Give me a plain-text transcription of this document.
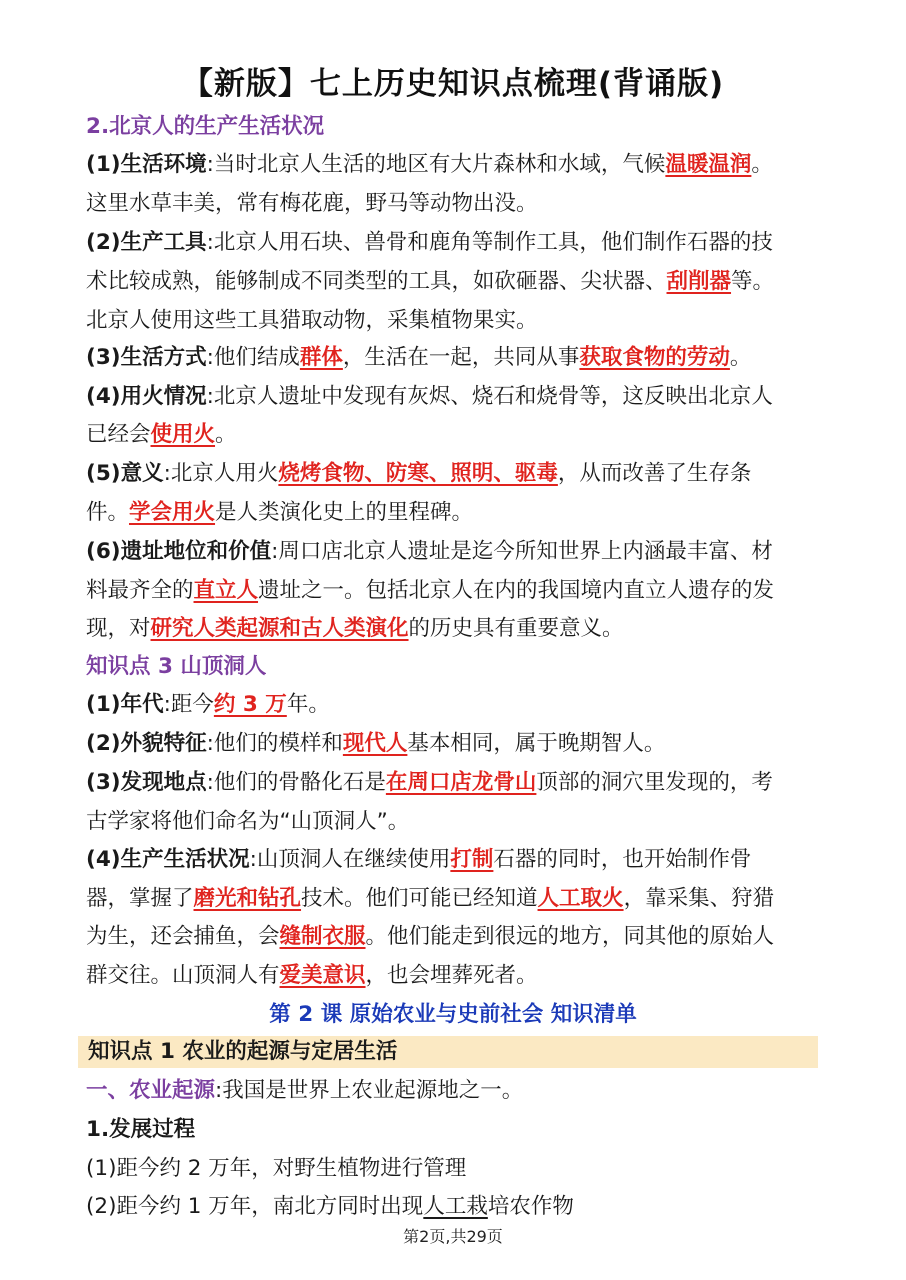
【新版】七上历史知识点梳理(背诵版)
2.北京人的生产生活状况
(1)生活环境:当时北京人生活的地区有大片森林和水域，气候温暖温润。
这里水草丰美，常有梅花鹿，野马等动物出没。
(2)生产工具:北京人用石块、兽骨和鹿角等制作工具，他们制作石器的技
术比较成熟，能够制成不同类型的工具，如砍砸器、尖状器、刮削器等。
北京人使用这些工具猎取动物，采集植物果实。
(3)生活方式:他们结成群体，生活在一起，共同从事获取食物的劳动。
(4)用火情况:北京人遗址中发现有灰烬、烧石和烧骨等，这反映出北京人
已经会使用火。
(5)意义:北京人用火烧烤食物、防寒、照明、驱毒，从而改善了生存条
件。学会用火是人类演化史上的里程碑。
(6)遗址地位和价值:周口店北京人遗址是迄今所知世界上内涵最丰富、材
料最齐全的直立人遗址之一。包括北京人在内的我国境内直立人遗存的发
现，对研究人类起源和古人类演化的历史具有重要意义。
知识点 3 山顶洞人
(1)年代:距今约 3 万年。
(2)外貌特征:他们的模样和现代人基本相同，属于晚期智人。
(3)发现地点:他们的骨骼化石是在周口店龙骨山顶部的洞穴里发现的，考
古学家将他们命名为“山顶洞人”。
(4)生产生活状况:山顶洞人在继续使用打制石器的同时，也开始制作骨
器，掌握了磨光和钻孔技术。他们可能已经知道人工取火，靠采集、狩猎
为生，还会捕鱼，会缝制衣服。他们能走到很远的地方，同其他的原始人
群交往。山顶洞人有爱美意识，也会埋葬死者。
第 2 课 原始农业与史前社会 知识清单
知识点 1 农业的起源与定居生活
一、农业起源:我国是世界上农业起源地之一。
1.发展过程
(1)距今约 2 万年，对野生植物进行管理
(2)距今约 1 万年，南北方同时出现人工栽培农作物
第2页,共29页
